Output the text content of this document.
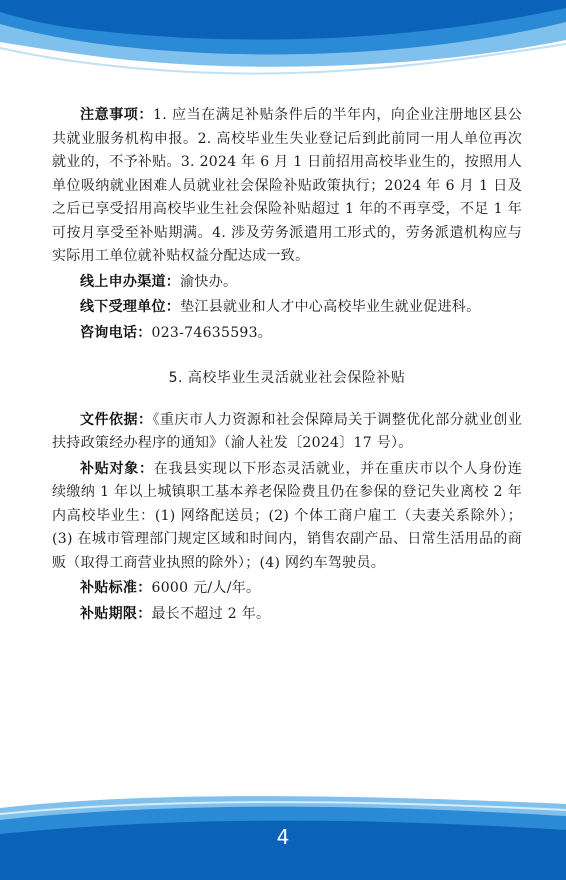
注意事项：1. 应当在满足补贴条件后的半年内，向企业注册地区县公共就业服务机构申报。2. 高校毕业生失业登记后到此前同一用人单位再次就业的，不予补贴。3. 2024 年 6 月 1 日前招用高校毕业生的，按照用人单位吸纳就业困难人员就业社会保险补贴政策执行；2024 年 6 月 1 日及之后已享受招用高校毕业生社会保险补贴超过 1 年的不再享受，不足 1 年可按月享受至补贴期满。4. 涉及劳务派遣用工形式的，劳务派遣机构应与实际用工单位就补贴权益分配达成一致。

线上申办渠道：渝快办。

线下受理单位：垫江县就业和人才中心高校毕业生就业促进科。

咨询电话：023-74635593。

5. 高校毕业生灵活就业社会保险补贴

文件依据：《重庆市人力资源和社会保障局关于调整优化部分就业创业扶持政策经办程序的通知》（渝人社发〔2024〕17 号）。

补贴对象：在我县实现以下形态灵活就业，并在重庆市以个人身份连续缴纳 1 年以上城镇职工基本养老保险费且仍在参保的登记失业离校 2 年内高校毕业生：(1) 网络配送员；(2) 个体工商户雇工（夫妻关系除外）；(3) 在城市管理部门规定区域和时间内，销售农副产品、日常生活用品的商贩（取得工商营业执照的除外）；(4) 网约车驾驶员。

补贴标准：6000 元/人/年。

补贴期限：最长不超过 2 年。

4
